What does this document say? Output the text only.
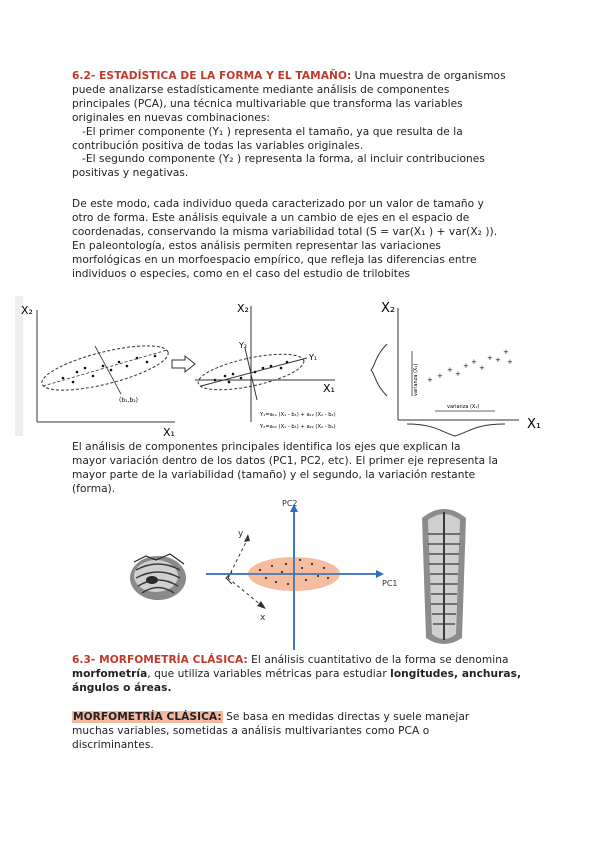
6.2- ESTADÍSTICA DE LA FORMA Y EL TAMAÑO: Una muestra de organismos
puede analizarse estadísticamente mediante análisis de componentes
principales (PCA), una técnica multivariable que transforma las variables
originales en nuevas combinaciones:
-El primer componente (Y₁ ) representa el tamaño, ya que resulta de la
contribución positiva de todas las variables originales.
-El segundo componente (Y₂ ) representa la forma, al incluir contribuciones
positivas y negativas.
De este modo, cada individuo queda caracterizado por un valor de tamaño y
otro de forma. Este análisis equivale a un cambio de ejes en el espacio de
coordenadas, conservando la misma variabilidad total (S = var(X₁ ) + var(X₂ )).
En paleontología, estos análisis permiten representar las variaciones
morfológicas en un morfoespacio empírico, que refleja las diferencias entre
individuos o especies, como en el caso del estudio de trilobites
X₂
X₁
(b₁,b₂)
X₂
X₁
Y₁
Y₂
Y₁=a₁₁ (X₁ - b₁) + a₁₂ (X₂ - b₂)
Y₂=a₂₁ (X₁ - b₁) + a₂₂ (X₂ - b₂)
X₂
X₁
varianza (X₂)
varianza (X₁)
+ +
+ +
+ +
+
+ +
+
+
El análisis de componentes principales identifica los ejes que explican la
mayor variación dentro de los datos (PC1, PC2, etc). El primer eje representa la
mayor parte de la variabilidad (tamaño) y el segundo, la variación restante
(forma).
y
x
PC2
PC1
6.3- MORFOMETRÍA CLÁSICA: El análisis cuantitativo de la forma se denomina
morfometría, que utiliza variables métricas para estudiar longitudes, anchuras,
ángulos o áreas.
MORFOMETRÍA CLÁSICA: Se basa en medidas directas y suele manejar
muchas variables, sometidas a análisis multivariantes como PCA o
discriminantes.
